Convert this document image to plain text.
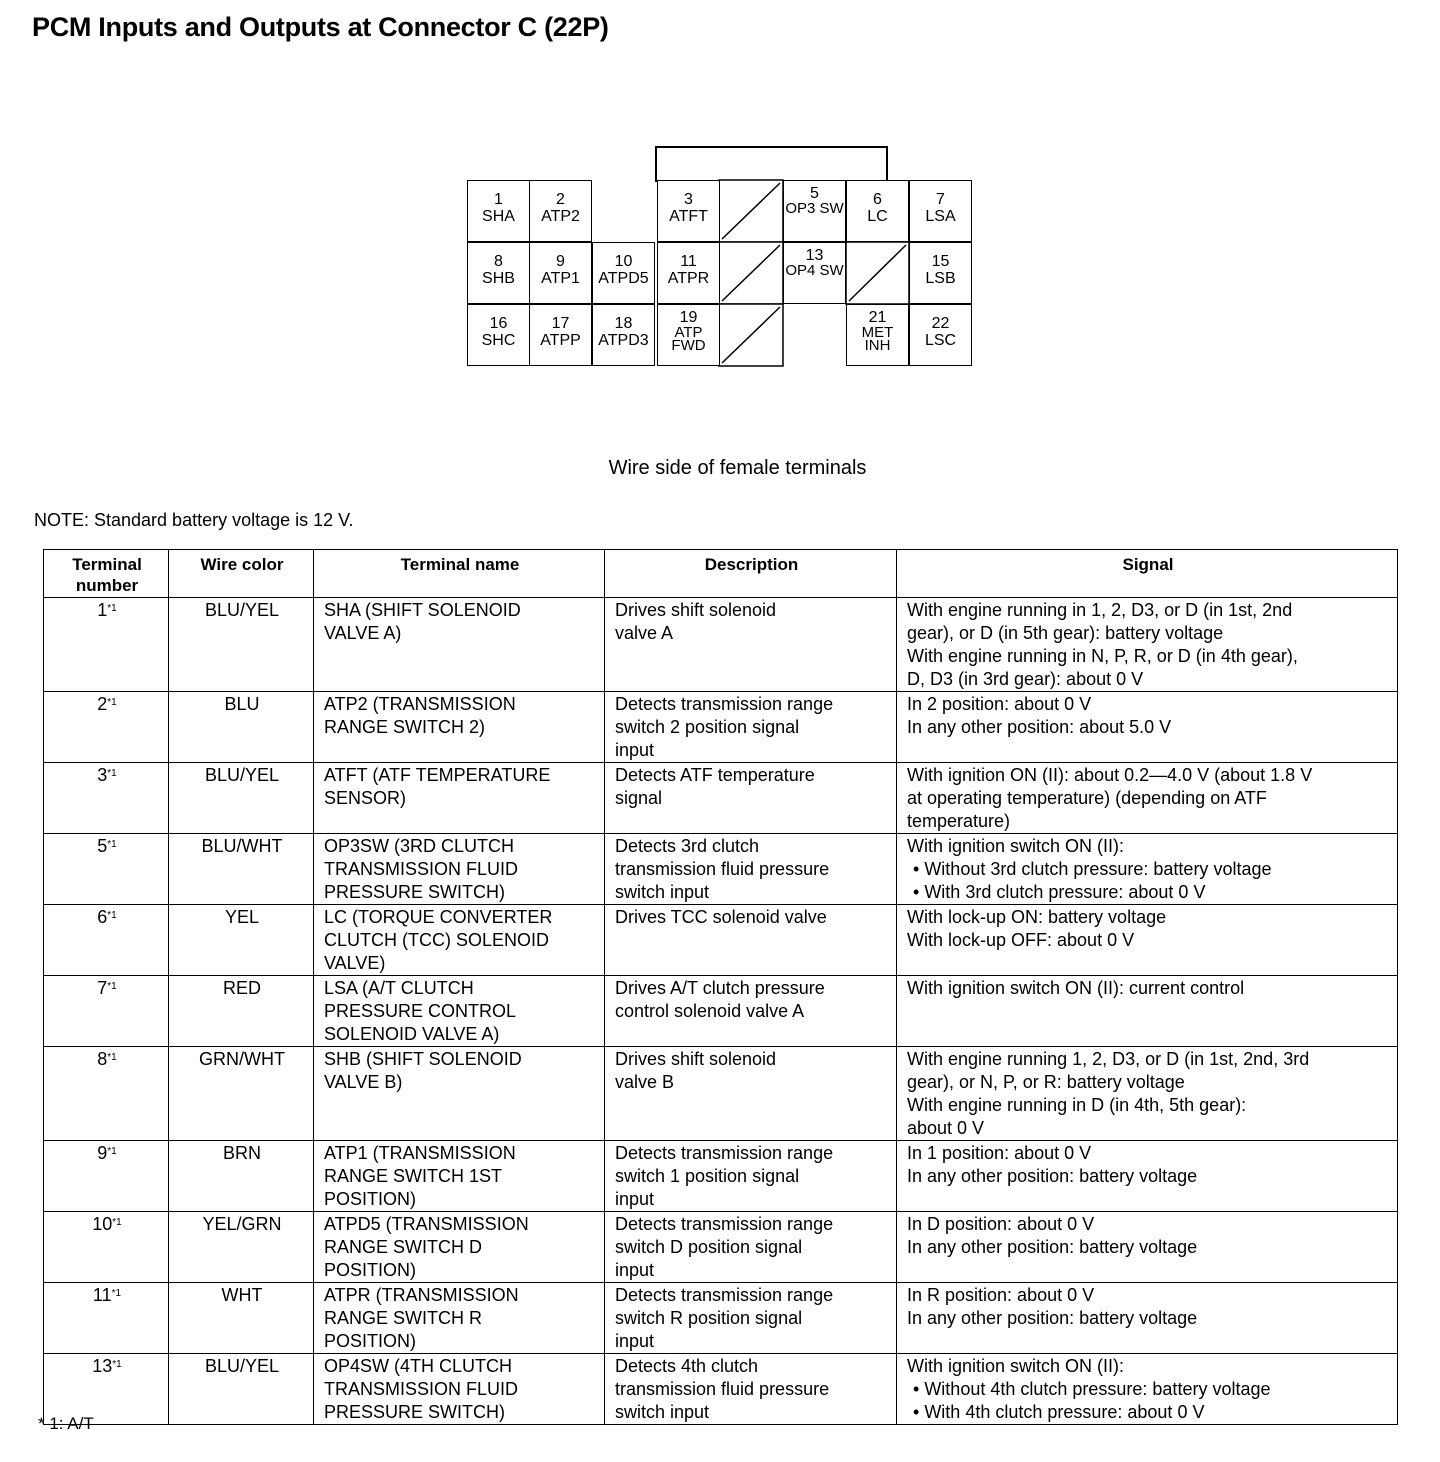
PCM Inputs and Outputs at Connector C (22P)
1
SHA
2
ATP2
3
ATFT
5
OP3 SW
6
LC
7
LSA
8
SHB
9
ATP1
10
ATPD5
11
ATPR
13
OP4 SW
15
LSB
16
SHC
17
ATPP
18
ATPD3
19
ATP FWD
21
MET INH
22
LSC
Wire side of female terminals
NOTE: Standard battery voltage is 12 V.
Terminal number	Wire color	Terminal name	Description	Signal
1$^{*1}$	BLU/YEL	SHA (SHIFT SOLENOID
VALVE A)	Drives shift solenoid
valve A	With engine running in 1, 2, D3, or D (in 1st, 2nd
gear), or D (in 5th gear): battery voltage
With engine running in N, P, R, or D (in 4th gear),
D, D3 (in 3rd gear): about 0 V

2$^{*1}$	BLU	ATP2 (TRANSMISSION
RANGE SWITCH 2)	Detects transmission range
switch 2 position signal
input	In 2 position: about 0 V
In any other position: about 5.0 V

3$^{*1}$	BLU/YEL	ATFT (ATF TEMPERATURE
SENSOR)	Detects ATF temperature
signal	With ignition ON (II): about 0.2—4.0 V (about 1.8 V
at operating temperature) (depending on ATF
temperature)

5$^{*1}$	BLU/WHT	OP3SW (3RD CLUTCH
TRANSMISSION FLUID
PRESSURE SWITCH)	Detects 3rd clutch
transmission fluid pressure
switch input	With ignition switch ON (II):
• Without 3rd clutch pressure: battery voltage
• With 3rd clutch pressure: about 0 V

6$^{*1}$	YEL	LC (TORQUE CONVERTER
CLUTCH (TCC) SOLENOID
VALVE)	Drives TCC solenoid valve	With lock-up ON: battery voltage
With lock-up OFF: about 0 V

7$^{*1}$	RED	LSA (A/T CLUTCH
PRESSURE CONTROL
SOLENOID VALVE A)	Drives A/T clutch pressure
control solenoid valve A	With ignition switch ON (II): current control

8$^{*1}$	GRN/WHT	SHB (SHIFT SOLENOID
VALVE B)	Drives shift solenoid
valve B	With engine running 1, 2, D3, or D (in 1st, 2nd, 3rd
gear), or N, P, or R: battery voltage
With engine running in D (in 4th, 5th gear):
about 0 V

9$^{*1}$	BRN	ATP1 (TRANSMISSION
RANGE SWITCH 1ST
POSITION)	Detects transmission range
switch 1 position signal
input	In 1 position: about 0 V
In any other position: battery voltage

10$^{*1}$	YEL/GRN	ATPD5 (TRANSMISSION
RANGE SWITCH D
POSITION)	Detects transmission range
switch D position signal
input	In D position: about 0 V
In any other position: battery voltage

11$^{*1}$	WHT	ATPR (TRANSMISSION
RANGE SWITCH R
POSITION)	Detects transmission range
switch R position signal
input	In R position: about 0 V
In any other position: battery voltage

13$^{*1}$	BLU/YEL	OP4SW (4TH CLUTCH
TRANSMISSION FLUID
PRESSURE SWITCH)	Detects 4th clutch
transmission fluid pressure
switch input	With ignition switch ON (II):
• Without 4th clutch pressure: battery voltage
• With 4th clutch pressure: about 0 V
* 1: A/T
